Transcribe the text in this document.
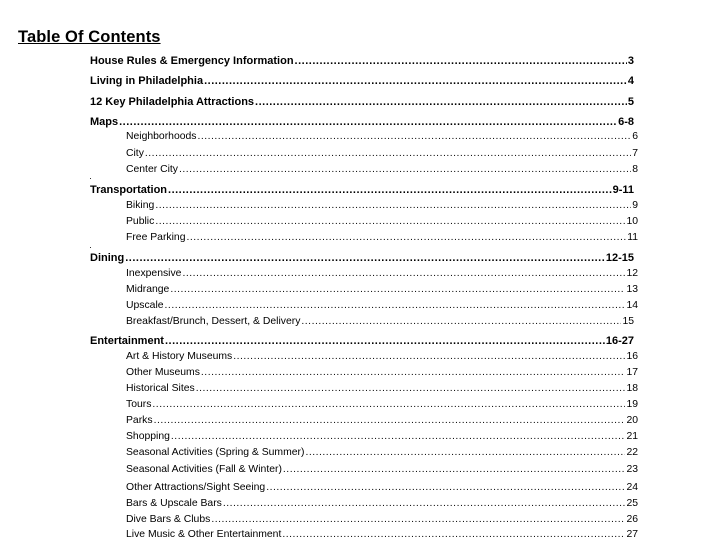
Table Of Contents
House Rules & Emergency Information .....	3
Living in Philadelphia .....	4
12 Key Philadelphia Attractions .....	5
Maps .....	6-8
Neighborhoods .....	6
City .....	7
Center City .....	8
Transportation .....	9-11
Biking .....	9
Public .....	10
Free Parking .....	11
Dining .....	12-15
Inexpensive .....	12
Midrange .....	13
Upscale .....	14
Breakfast/Brunch, Dessert, & Delivery .....	15
Entertainment .....	16-27
Art & History Museums .....	16
Other Museums .....	17
Historical Sites .....	18
Tours .....	19
Parks .....	20
Shopping .....	21
Seasonal Activities (Spring & Summer) .....	22
Seasonal Activities (Fall & Winter) .....	23
Other Attractions/Sight Seeing .....	24
Bars & Upscale Bars .....	25
Dive Bars & Clubs .....	26
Live Music & Other Entertainment .....	27
